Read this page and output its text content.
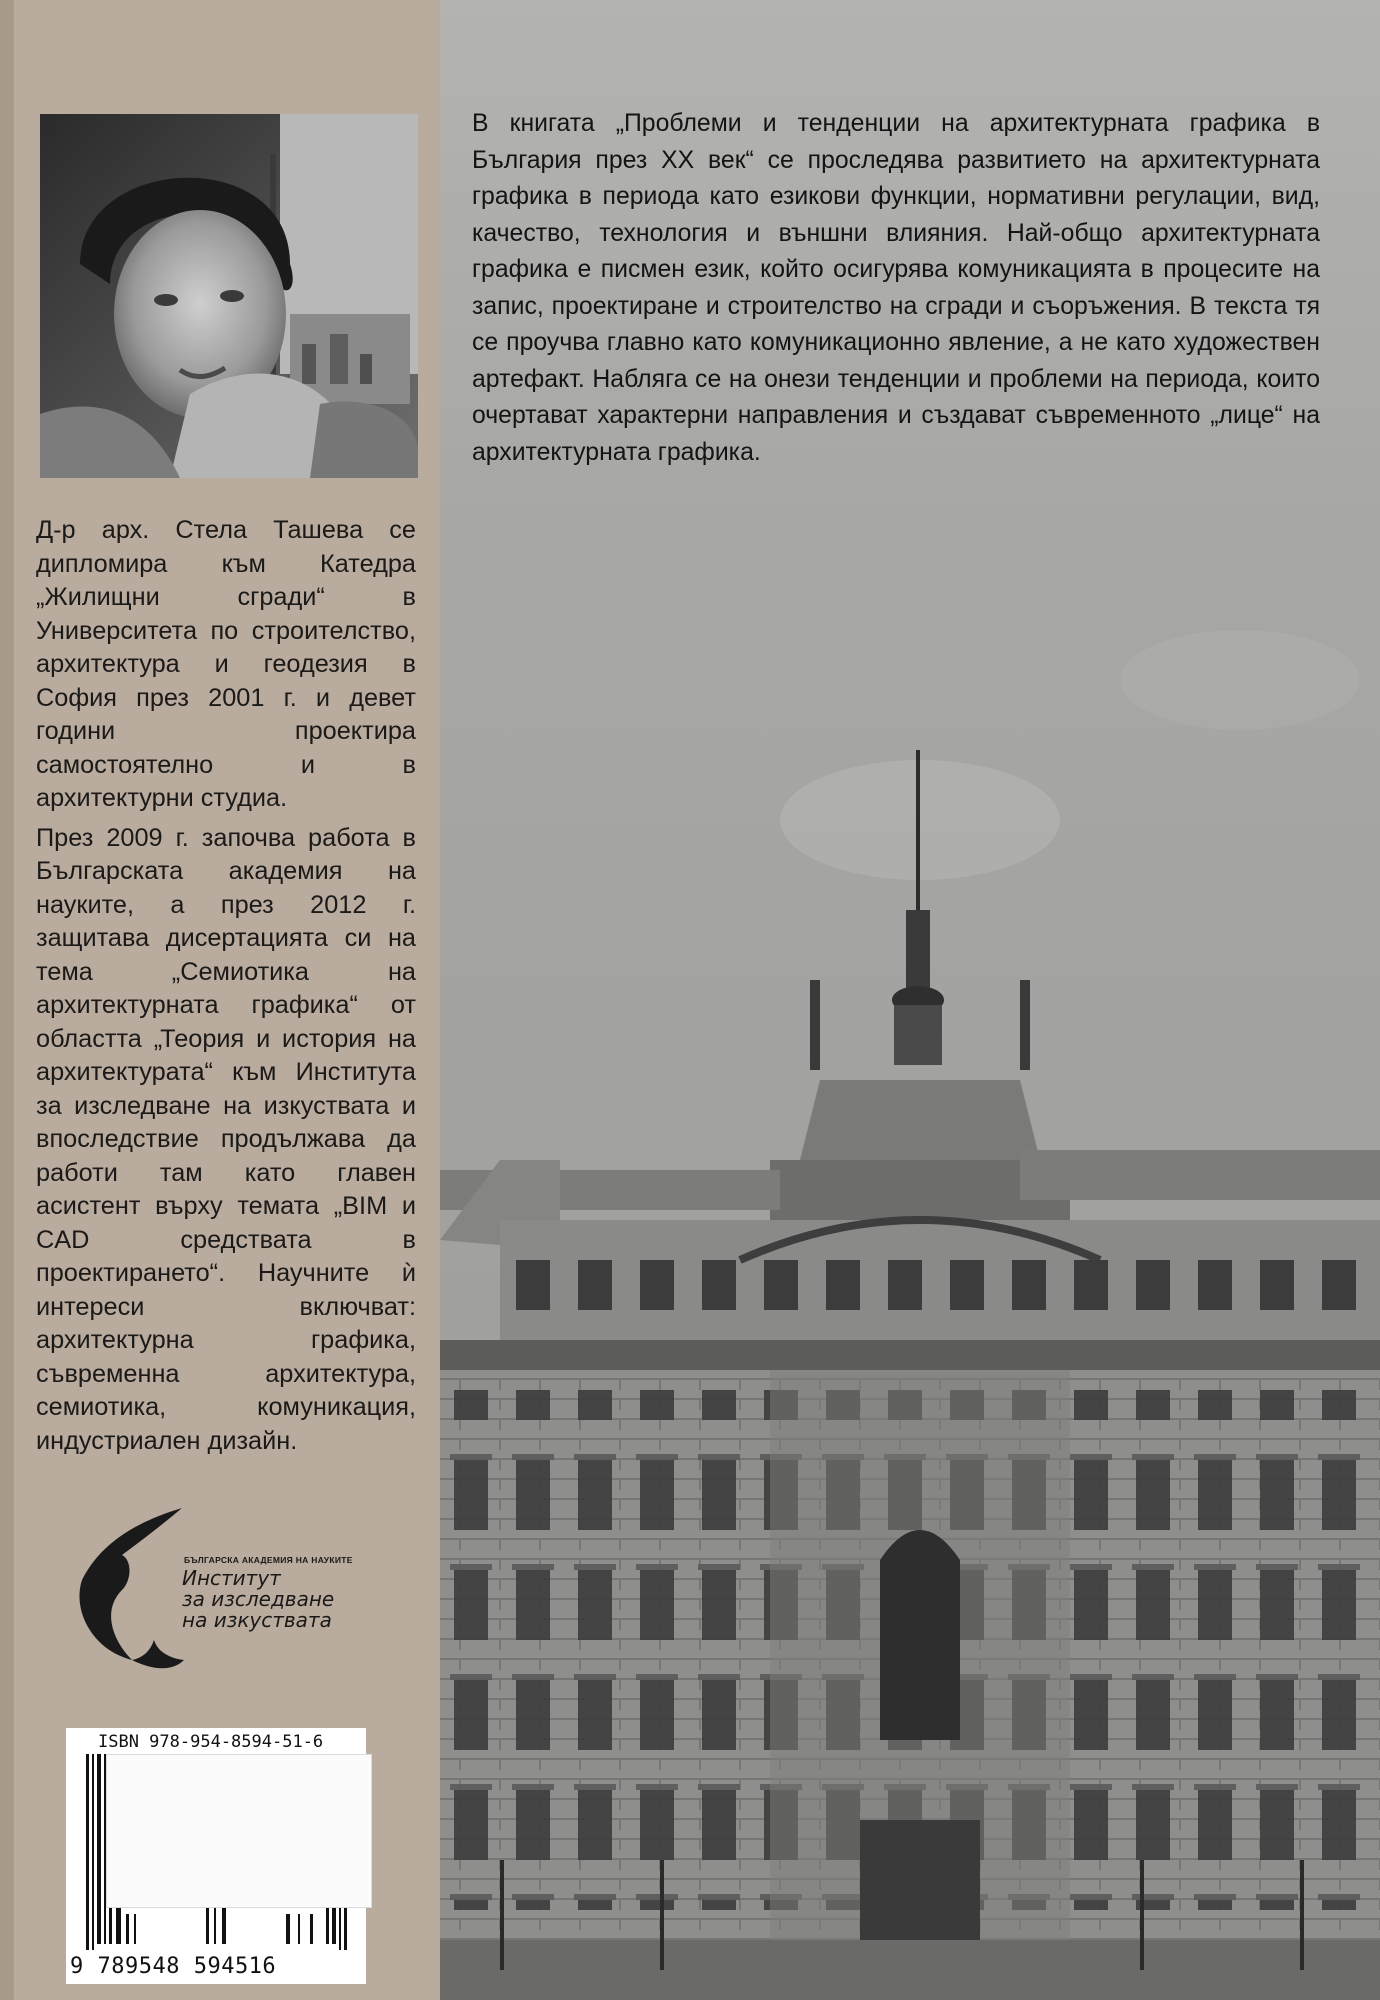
Д-р арх. Стела Ташева се дипломира към Катедра „Жилищни сгради“ в Университета по строителство, архитектура и геодезия в София през 2001 г. и девет години проектира самостоятелно и в архитектурни студиа.

През 2009 г. започва работа в Българската академия на науките, а през 2012 г. защитава дисертацията си на тема „Семиотика на архитектурната графика“ от областта „Теория и история на архитектурата“ към Института за изследване на изкуствата и впоследствие продължава да работи там като главен асистент върху темата „BIM и CAD средствата в проектирането“. Научните ѝ интереси включват: архитектурна графика, съвременна архитектура, семиотика, комуникация, индустриален дизайн.

БЪЛГАРСКА АКАДЕМИЯ НА НАУКИТЕ
Институт
за изследване
на изкуствата
ISBN 978-954-8594-51-6
9 789548 594516
В книгата „Проблеми и тенденции на архитектурната графика в България през XX век“ се проследява развитието на архитектурната графика в периода като езикови функции, нормативни регулации, вид, качество, технология и външни влияния. Най-общо архитектурната графика е писмен език, който осигурява комуникацията в процесите на запис, проектиране и строителство на сгради и съоръжения. В текста тя се проучва главно като комуникационно явление, а не като художествен артефакт. Набляга се на онези тенденции и проблеми на периода, които очертават характерни направления и създават съвременното „лице“ на архитектурната графика.
